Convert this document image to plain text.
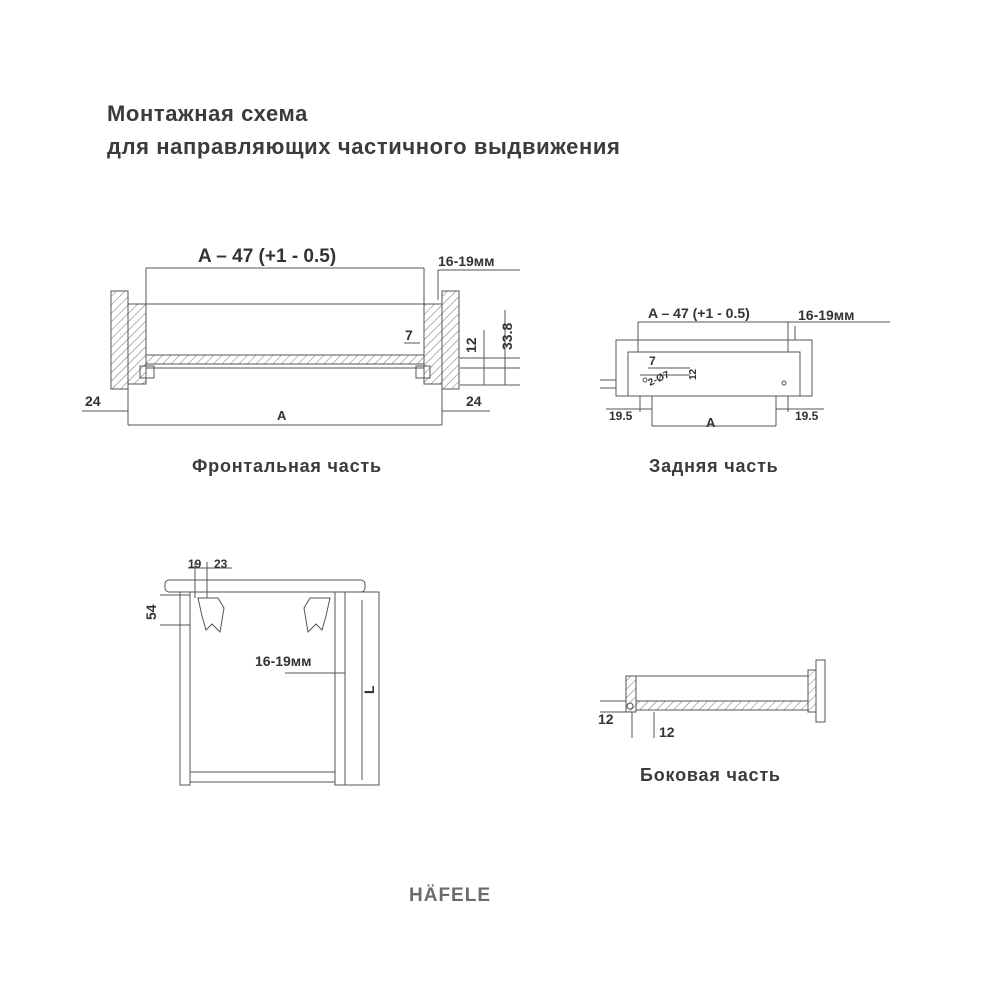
Монтажная схема
для направляющих частичного выдвижения
A – 47 (+1 - 0.5)	16-19мм
7
12 33.8
24	24
A
A – 47 (+1 - 0.5)	16-19мм
7
2-Ø7 12
19.5	19.5
A
19 23
54
16-19мм
L
12
12
Фронтальная часть	Задняя часть
Боковая часть
HÄFELE
